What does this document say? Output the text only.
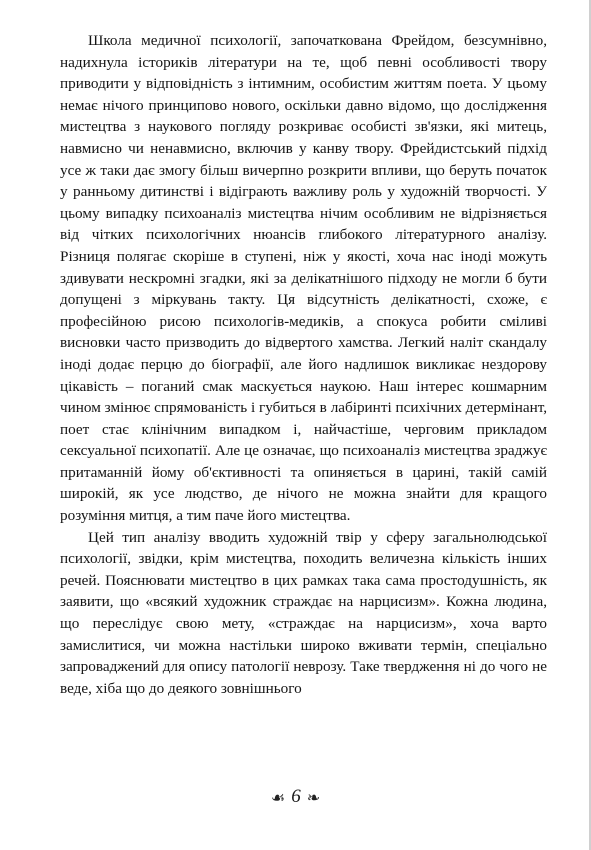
Школа медичної психології, започаткована Фрейдом, безсумнівно, надихнула істориків літератури на те, щоб певні особливості твору приводити у відповідність з інтимним, особистим життям поета. У цьому немає нічого принципово нового, оскільки давно відомо, що дослідження мистецтва з наукового погляду розкриває особисті зв'язки, які митець, навмисно чи ненавмисно, включив у канву твору. Фрейдистський підхід усе ж таки дає змогу більш вичерпно розкрити впливи, що беруть початок у ранньому дитинстві і відіграють важливу роль у художній творчості. У цьому випадку психоаналіз мистецтва нічим особливим не відрізняється від чітких психологічних нюансів глибокого літературного аналізу. Різниця полягає скоріше в ступені, ніж у якості, хоча нас іноді можуть здивувати нескромні згадки, які за делікатнішого підходу не могли б бути допущені з міркувань такту. Ця відсутність делікатності, схоже, є професійною рисою психологів-медиків, а спокуса робити сміливі висновки часто призводить до відвертого хамства. Легкий наліт скандалу іноді додає перцю до біографії, але його надлишок викликає нездорову цікавість – поганий смак маскується наукою. Наш інтерес кошмарним чином змінює спрямованість і губиться в лабіринті психічних детермінант, поет стає клінічним випадком і, найчастіше, черговим прикладом сексуальної психопатії. Але це означає, що психоаналіз мистецтва зраджує притаманній йому об'єктивності та опиняється в царині, такій самій широкій, як усе людство, де нічого не можна знайти для кращого розуміння митця, а тим паче його мистецтва.

Цей тип аналізу вводить художній твір у сферу загальнолюдської психології, звідки, крім мистецтва, походить величезна кількість інших речей. Пояснювати мистецтво в цих рамках така сама простодушність, як заявити, що «всякий художник страждає на нарцисизм». Кожна людина, що переслідує свою мету, «страждає на нарцисизм», хоча варто замислитися, чи можна настільки широко вживати термін, спеціально запроваджений для опису патології неврозу. Таке твердження ні до чого не веде, хіба що до деякого зовнішнього

☙ 6 ❧
